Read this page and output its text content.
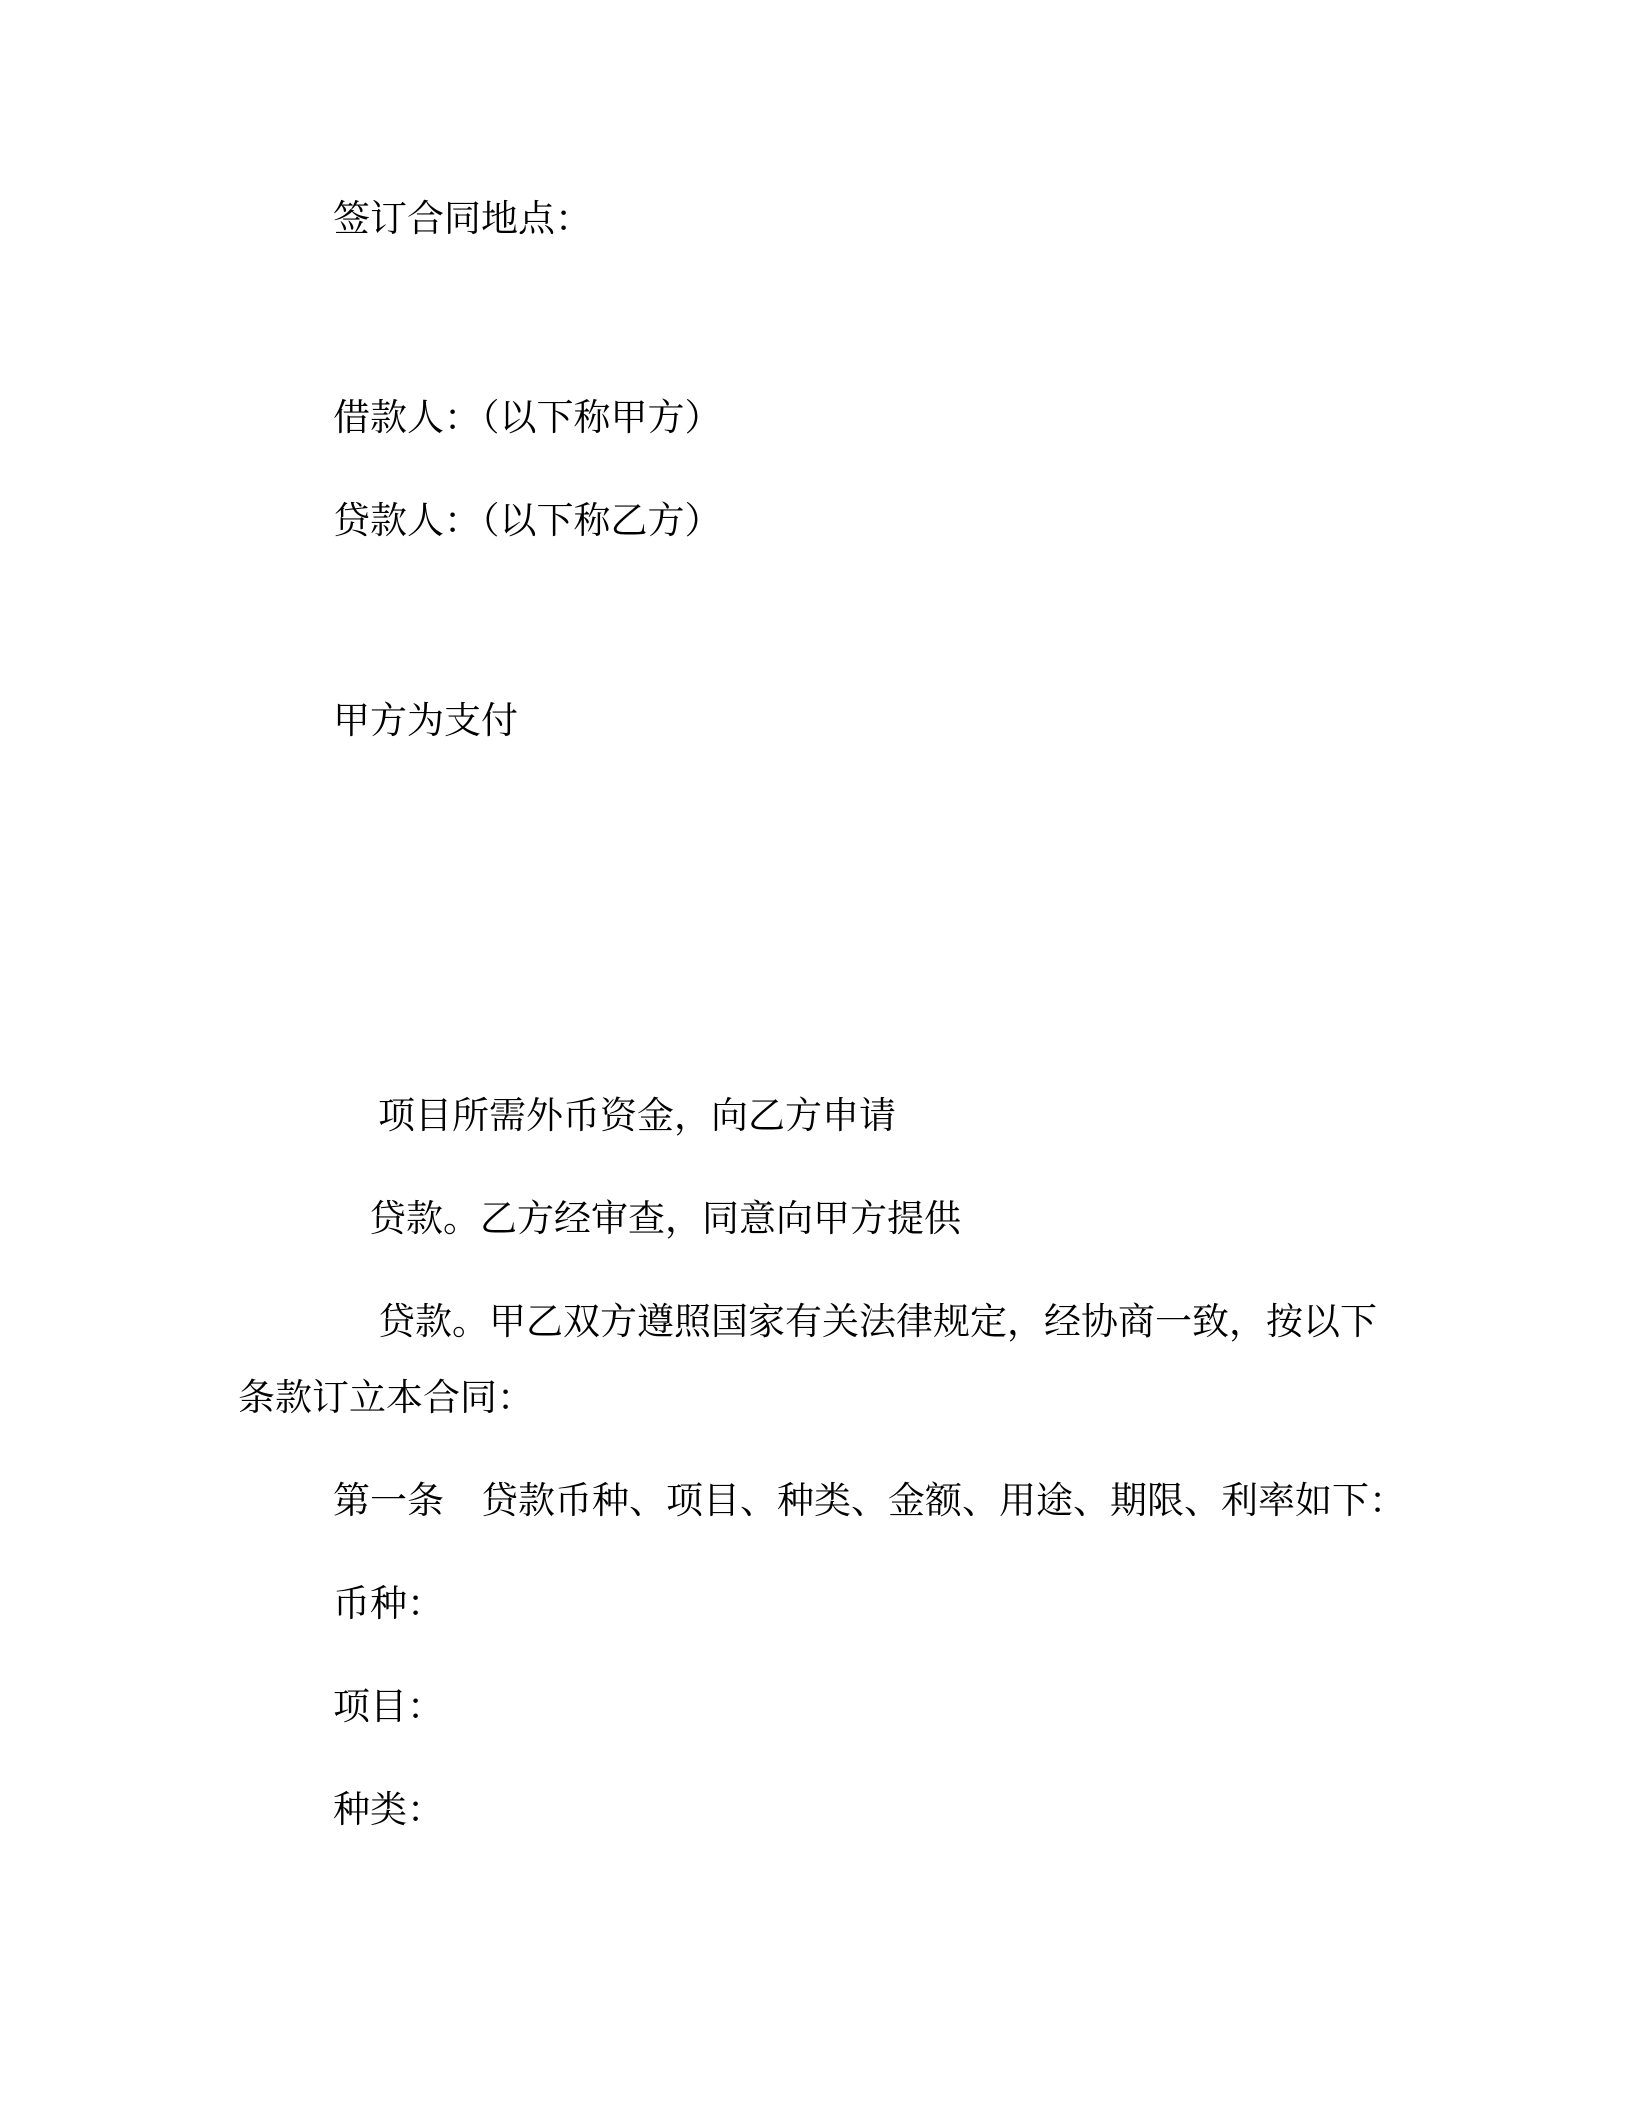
签订合同地点：
借款人：（以下称甲方）
贷款人：（以下称乙方）
甲方为支付
项目所需外币资金，向乙方申请
贷款。乙方经审查，同意向甲方提供
贷款。甲乙双方遵照国家有关法律规定，经协商一致，按以下
条款订立本合同：
第一条　贷款币种、项目、种类、金额、用途、期限、利率如下：
币种：
项目：
种类：
